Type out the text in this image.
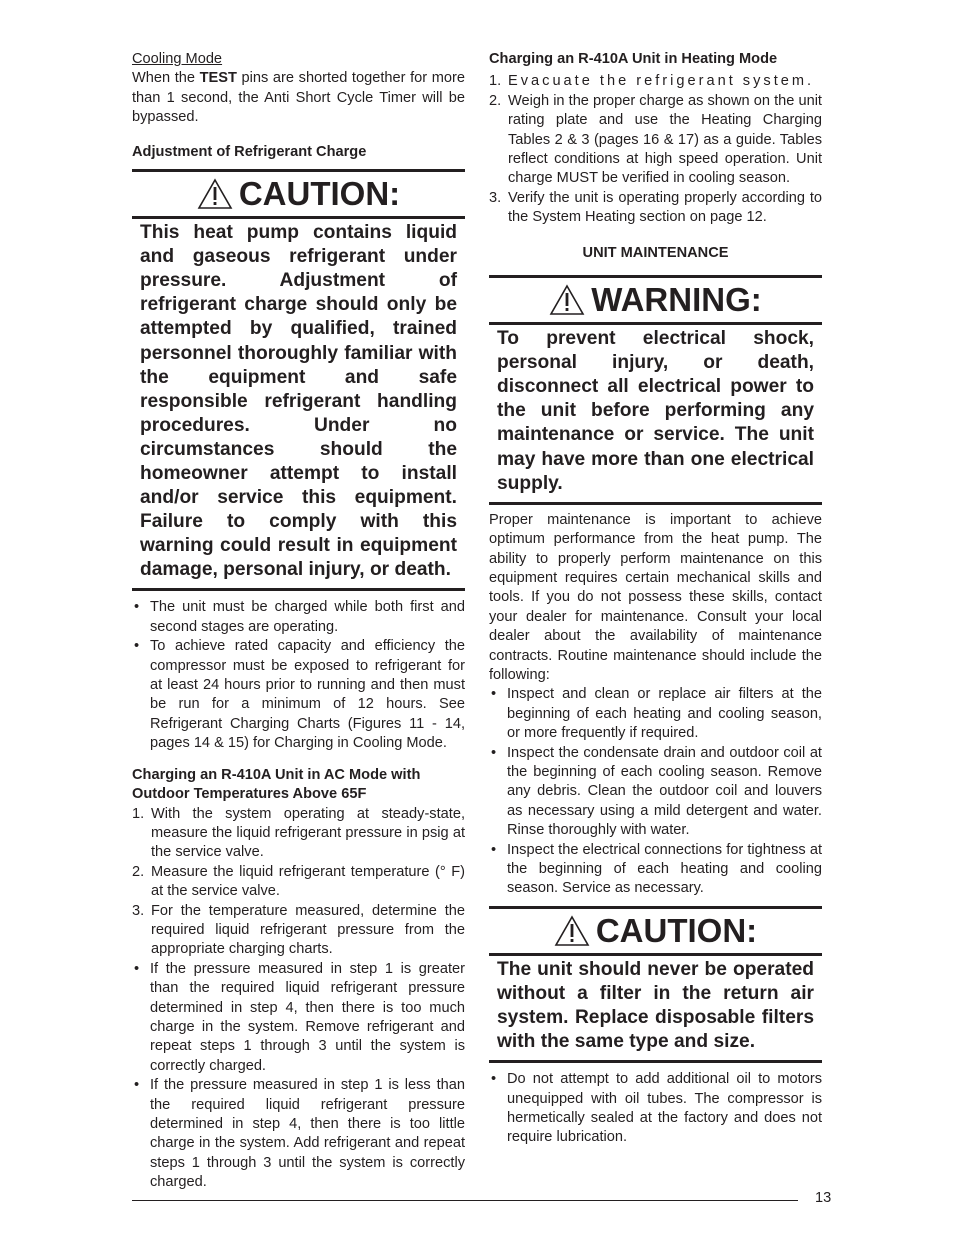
Cooling Mode

When the TEST pins are shorted together for more than 1 second, the Anti Short Cycle Timer will be bypassed.

Adjustment of Refrigerant Charge

CAUTION:

This heat pump contains liquid and gaseous refrigerant under pressure. Adjustment of refrigerant charge should only be attempted by qualified, trained personnel thoroughly familiar with the equipment and safe responsible refrigerant handling procedures. Under no circumstances should the homeowner attempt to install and/or service this equipment. Failure to comply with this warning could result in equipment damage, personal injury, or death.

• The unit must be charged while both first and second stages are operating.
• To achieve rated capacity and efficiency the compressor must be exposed to refrigerant for at least 24 hours prior to running and then must be run for a minimum of 12 hours. See Refrigerant Charging Charts (Figures 11 - 14, pages 14 & 15) for Charging in Cooling Mode.

Charging an R-410A Unit in AC Mode with Outdoor Temperatures Above 65F

1. With the system operating at steady-state, measure the liquid refrigerant pressure in psig at the service valve.
2. Measure the liquid refrigerant temperature (° F) at the service valve.
3. For the temperature measured, determine the required liquid refrigerant pressure from the appropriate charging charts.
• If the pressure measured in step 1 is greater than the required liquid refrigerant pressure determined in step 4, then there is too much charge in the system. Remove refrigerant and repeat steps 1 through 3 until the system is correctly charged.
• If the pressure measured in step 1 is less than the required liquid refrigerant pressure determined in step 4, then there is too little charge in the system. Add refrigerant and repeat steps 1 through 3 until the system is correctly charged.

Charging an R-410A Unit in Heating Mode

1. Evacuate the refrigerant system.
2. Weigh in the proper charge as shown on the unit rating plate and use the Heating Charging Tables 2 & 3 (pages 16 & 17) as a guide. Tables reflect conditions at high speed operation. Unit charge MUST be verified in cooling season.
3. Verify the unit is operating properly according to the System Heating section on page 12.

UNIT MAINTENANCE

WARNING:

To prevent electrical shock, personal injury, or death, disconnect all electrical power to the unit before performing any maintenance or service. The unit may have more than one electrical supply.

Proper maintenance is important to achieve optimum performance from the heat pump. The ability to properly perform maintenance on this equipment requires certain mechanical skills and tools. If you do not possess these skills, contact your dealer for maintenance. Consult your local dealer about the availability of maintenance contracts. Routine maintenance should include the following:

• Inspect and clean or replace air filters at the beginning of each heating and cooling season, or more frequently if required.
• Inspect the condensate drain and outdoor coil at the beginning of each cooling season. Remove any debris. Clean the outdoor coil and louvers as necessary using a mild detergent and water. Rinse thoroughly with water.
• Inspect the electrical connections for tightness at the beginning of each heating and cooling season. Service as necessary.
CAUTION:

The unit should never be operated without a filter in the return air system. Replace disposable filters with the same type and size.

• Do not attempt to add additional oil to motors unequipped with oil tubes. The compressor is hermetically sealed at the factory and does not require lubrication.
13
